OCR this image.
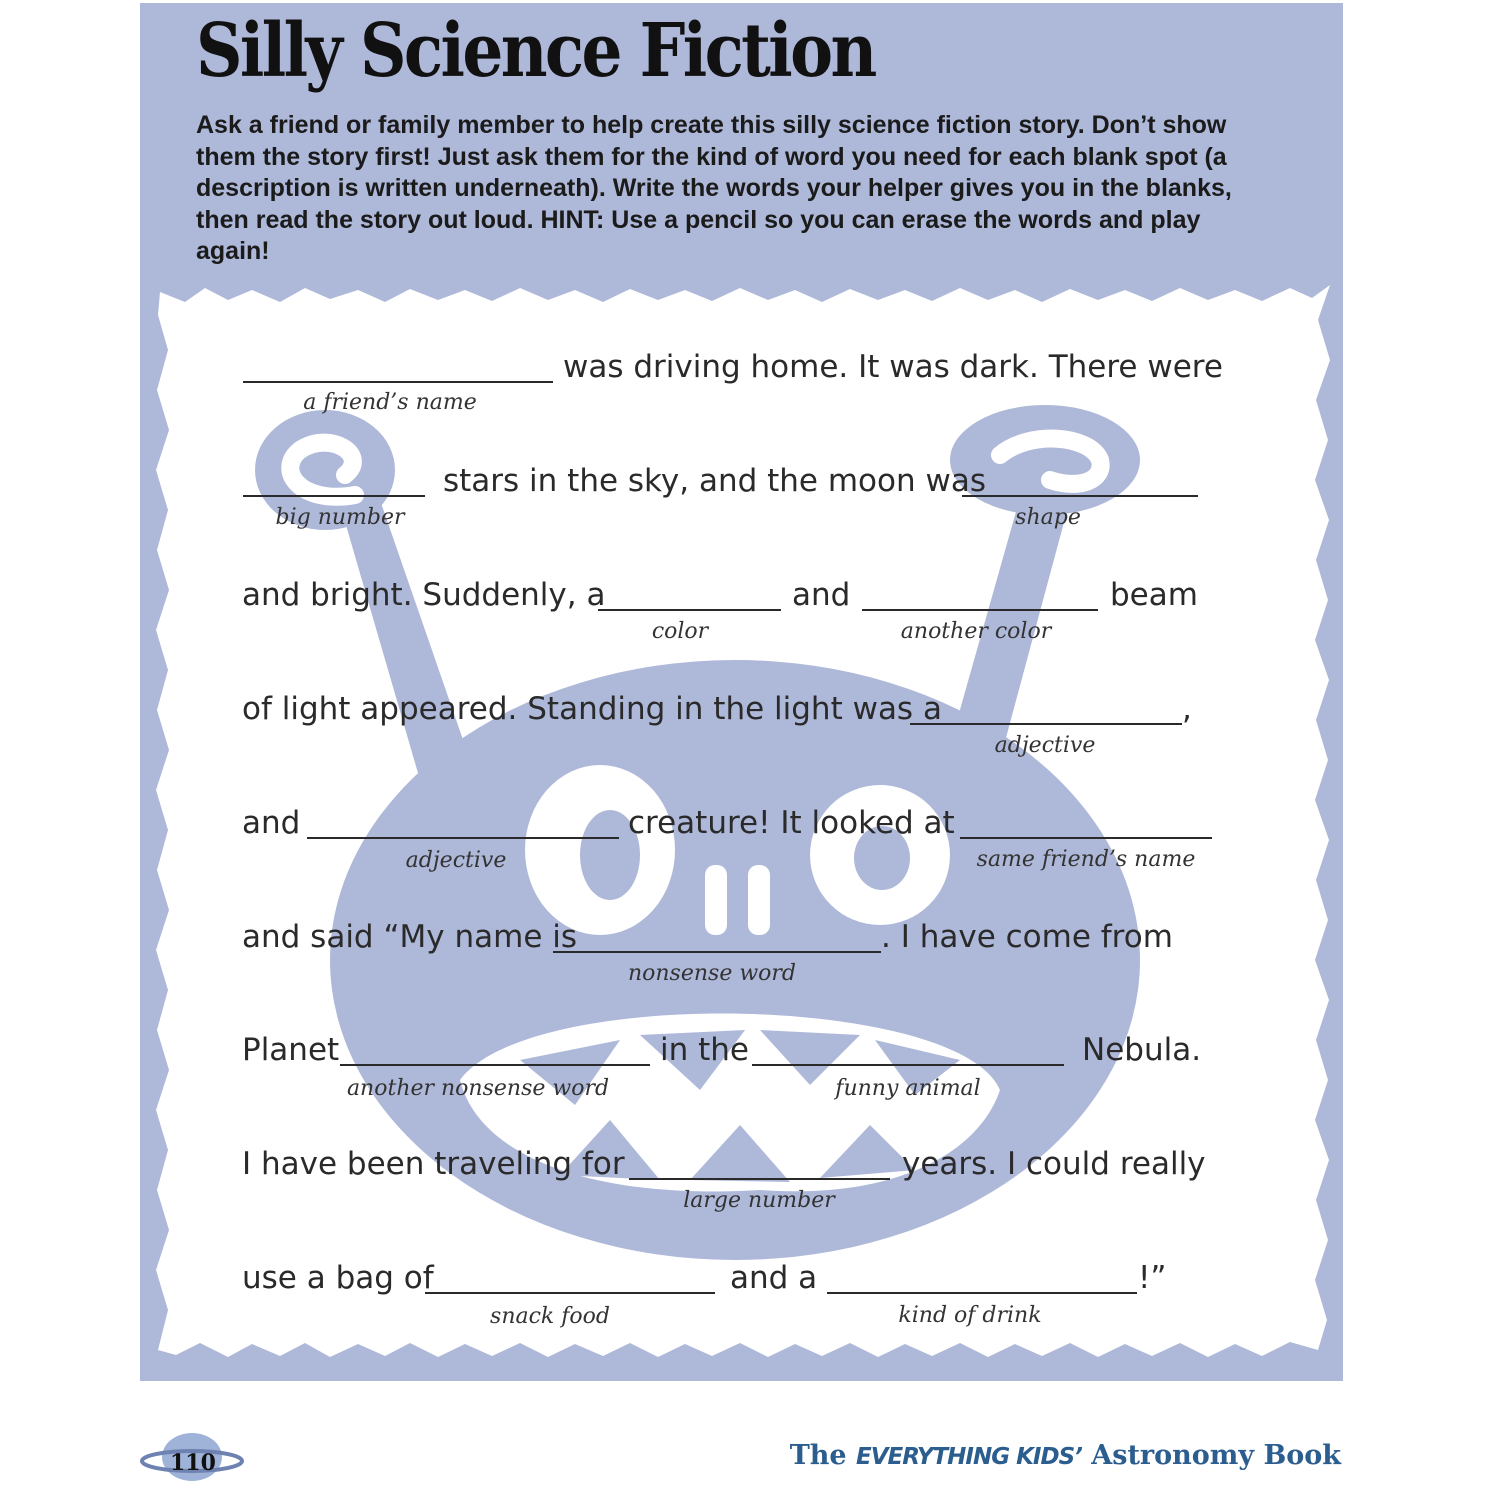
Silly Science Fiction
Ask a friend or family member to help create this silly science fiction story. Don’t show them the story first! Just ask them for the kind of word you need for each blank spot (a description is written underneath). Write the words your helper gives you in the blanks, then read the story out loud. HINT: Use a pencil so you can erase the words and play again!
was driving home. It was dark. There were
a friend’s name
stars in the sky, and the moon was
big number	shape
and bright. Suddenly, a	and	beam
color	another color
of light appeared. Standing in the light was a	,
adjective
and	creature! It looked at
adjective	same friend’s name
and said “My name is	. I have come from
nonsense word
Planet	in the	Nebula.
another nonsense word	funny animal
I have been traveling for	years. I could really
large number
use a bag of	and a	!”
snack food	kind of drink
110	The EVERYTHING KIDS’ Astronomy Book
